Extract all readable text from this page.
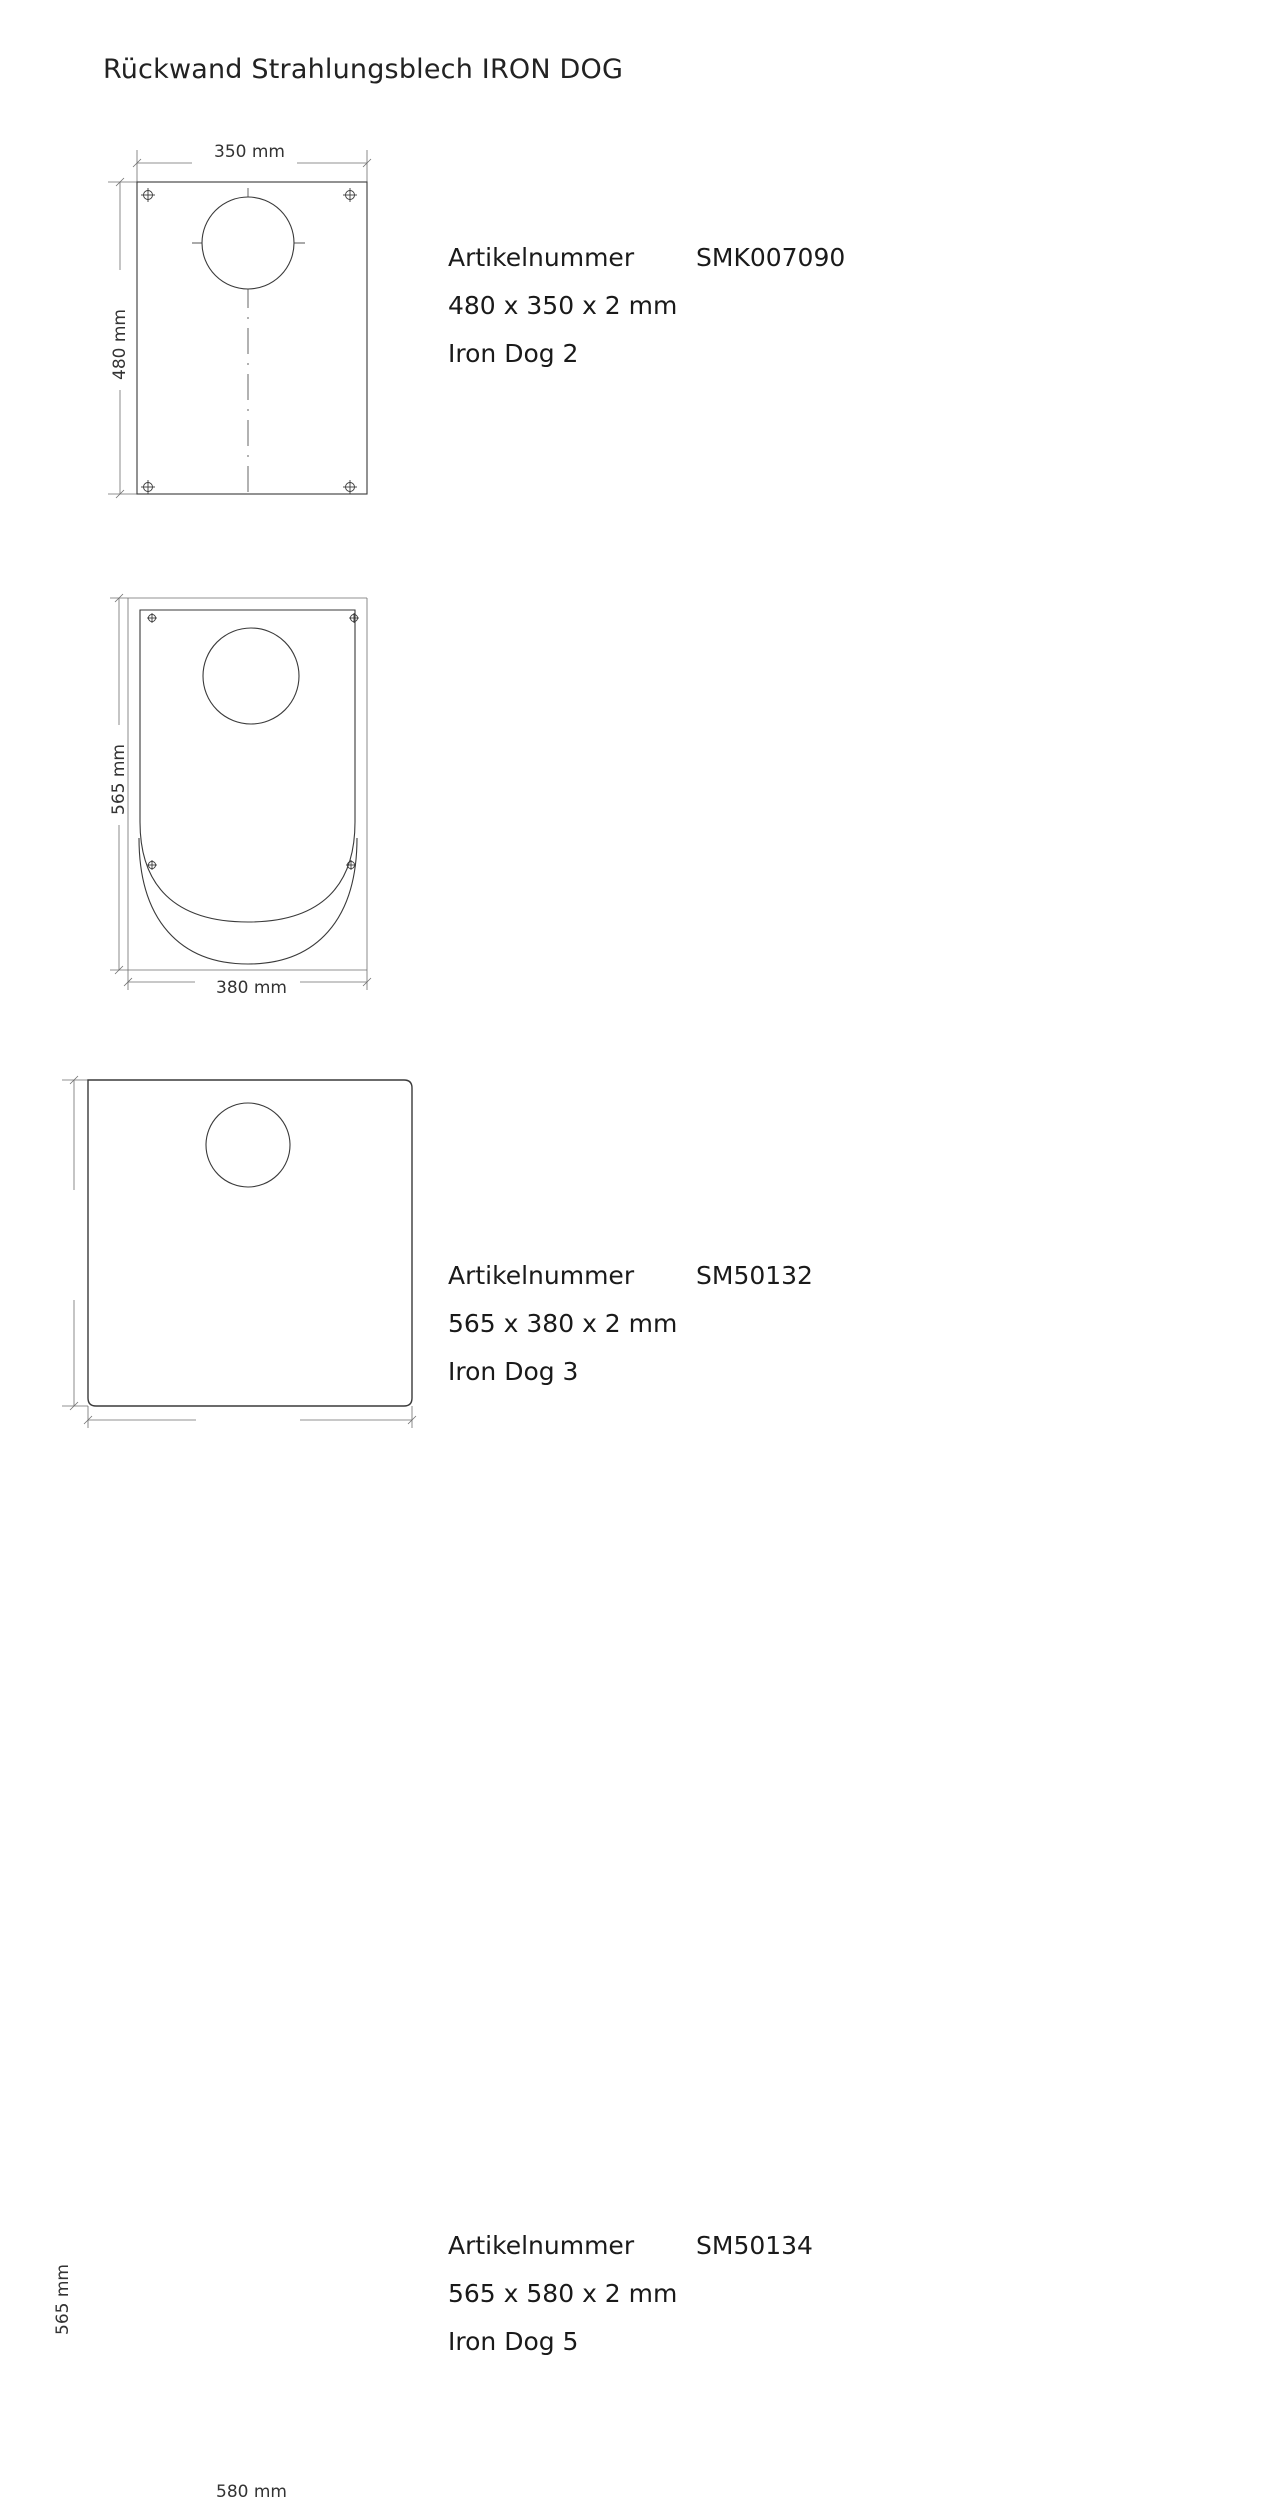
Rückwand Strahlungsblech IRON DOG
350 mm
480 mm
Artikelnummer SMK007090
480 x 350 x 2 mm
Iron Dog 2
380 mm
565 mm
Artikelnummer SM50132
565 x 380 x 2 mm
Iron Dog 3
580 mm
565 mm
Artikelnummer SM50134
565 x 580 x 2 mm
Iron Dog 5
